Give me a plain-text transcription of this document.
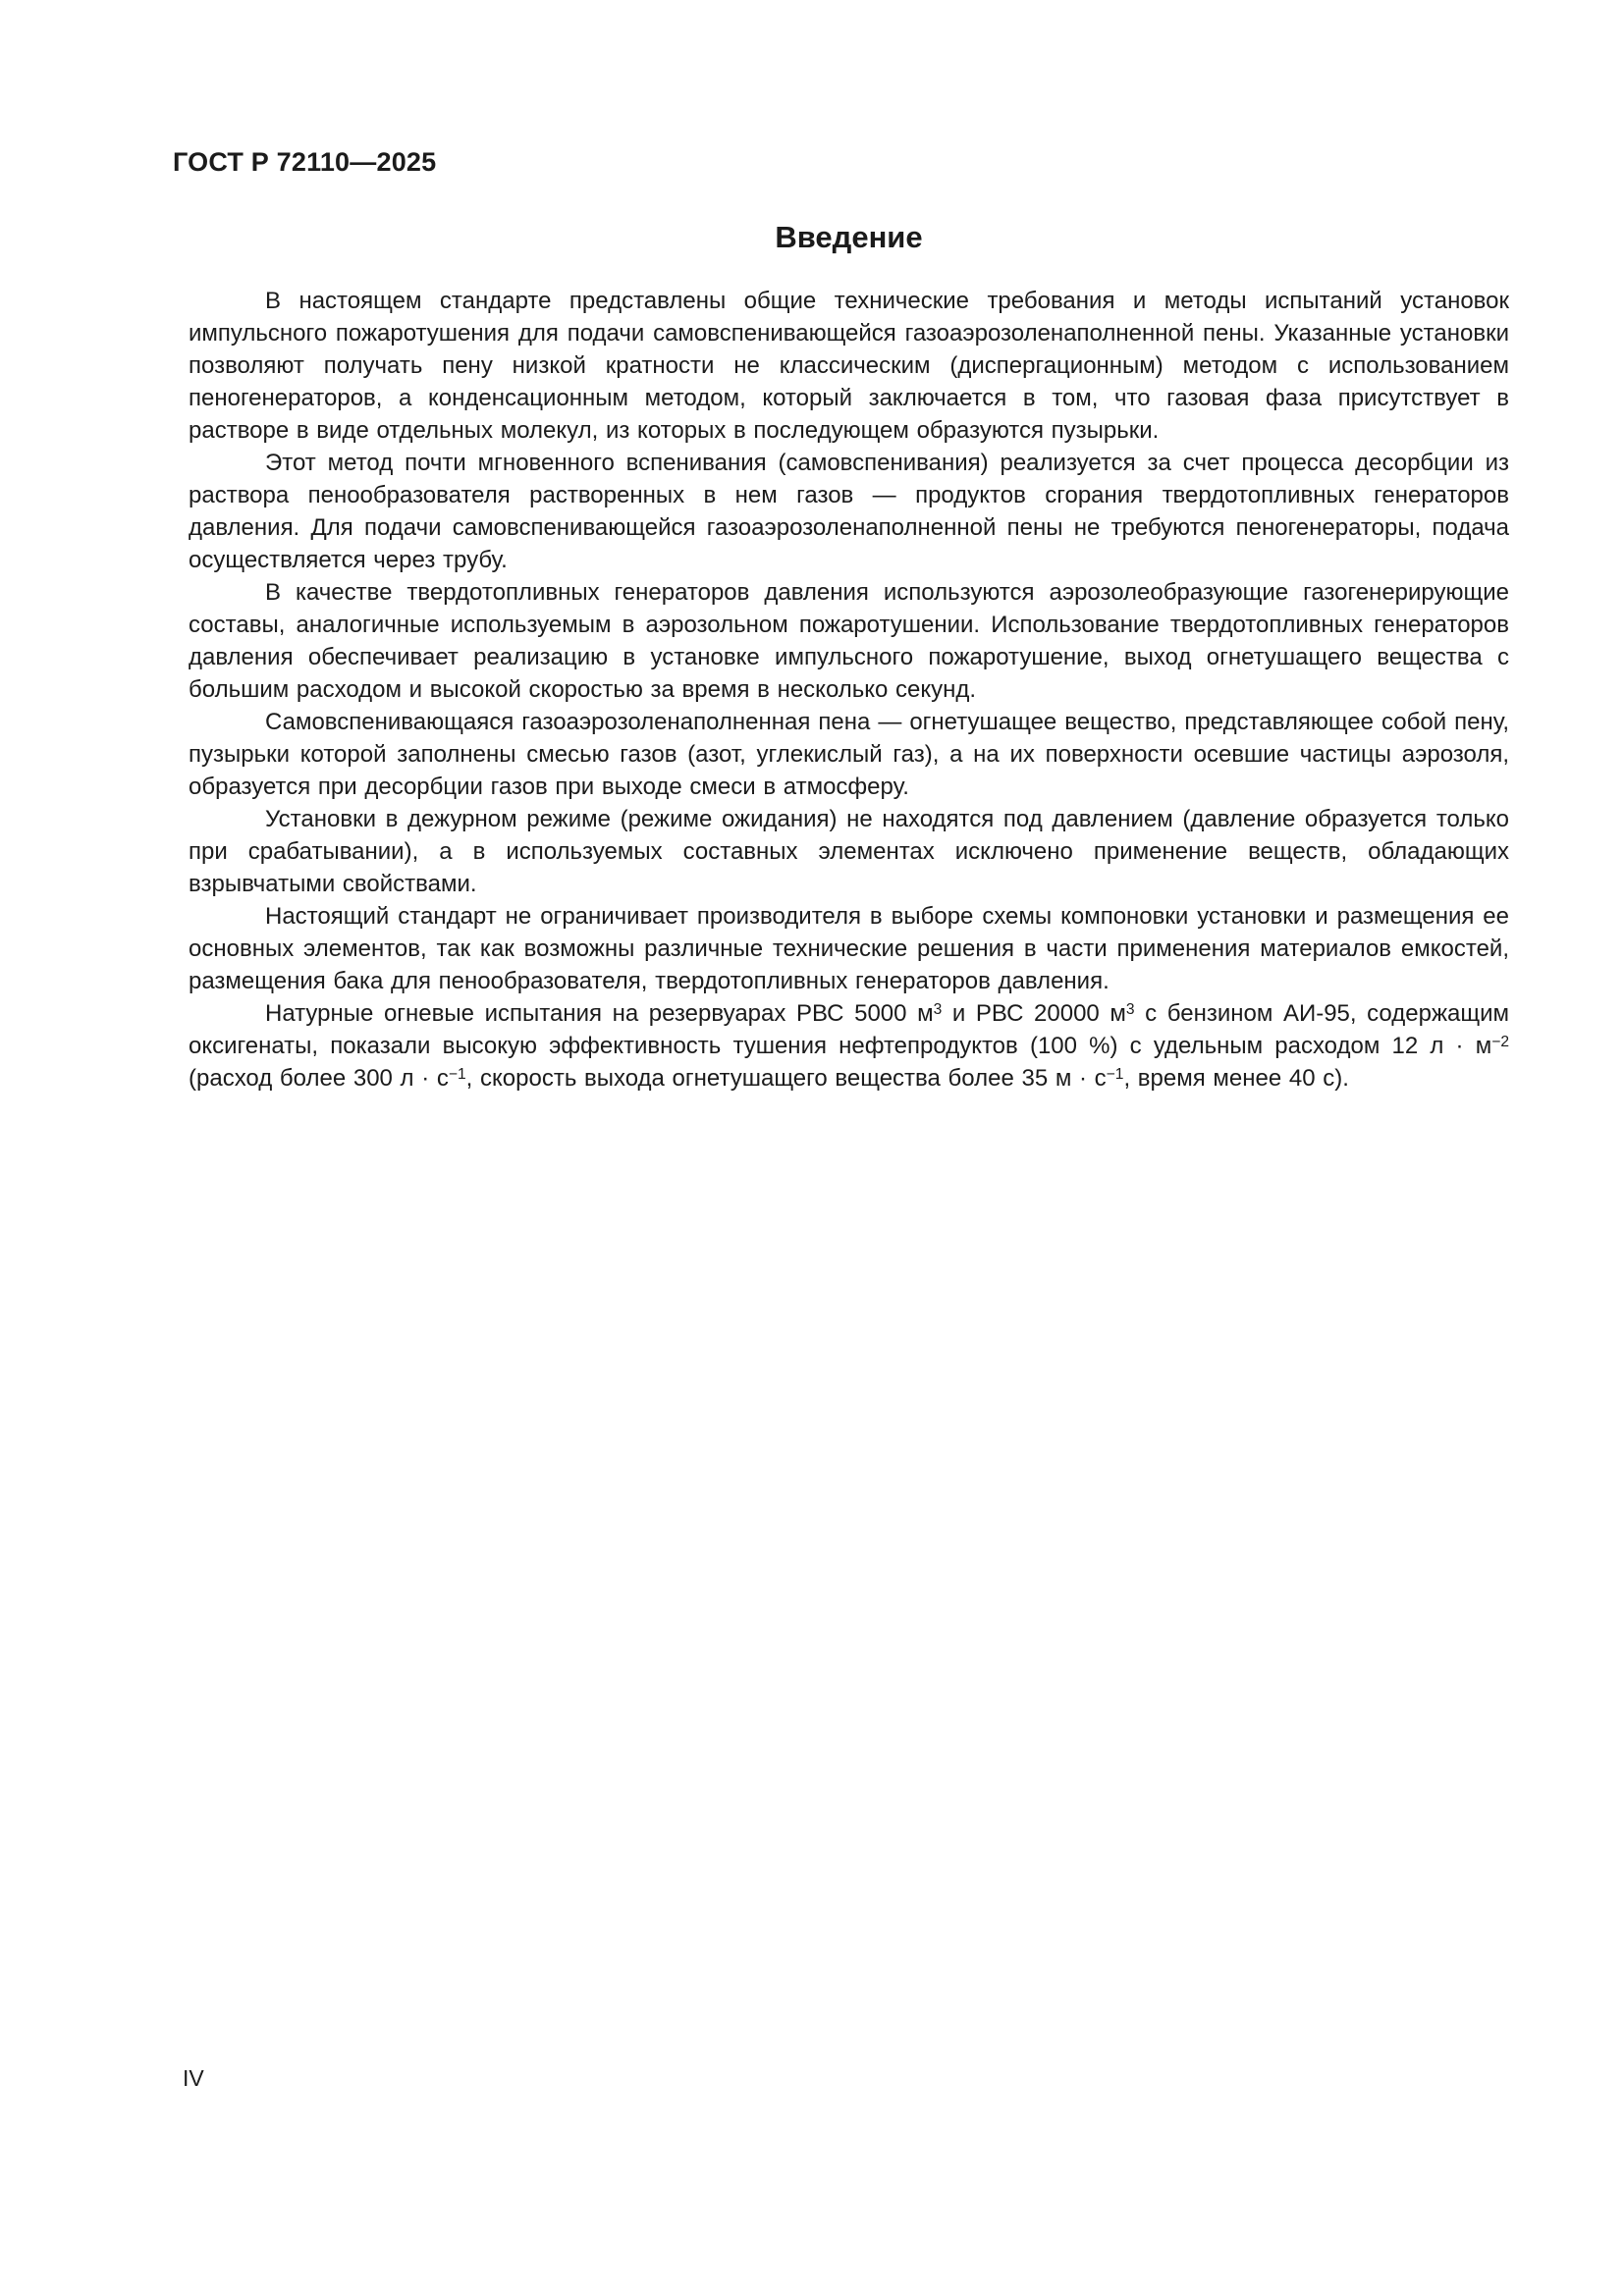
ГОСТ Р 72110—2025
Введение

В настоящем стандарте представлены общие технические требования и методы испытаний установок импульсного пожаротушения для подачи самовспенивающейся газоаэрозоленаполненной пены. Указанные установки позволяют получать пену низкой кратности не классическим (диспергационным) методом с использованием пеногенераторов, а конденсационным методом, который заключается в том, что газовая фаза присутствует в растворе в виде отдельных молекул, из которых в последующем образуются пузырьки.

Этот метод почти мгновенного вспенивания (самовспенивания) реализуется за счет процесса десорбции из раствора пенообразователя растворенных в нем газов — продуктов сгорания твердотопливных генераторов давления. Для подачи самовспенивающейся газоаэрозоленаполненной пены не требуются пеногенераторы, подача осуществляется через трубу.

В качестве твердотопливных генераторов давления используются аэрозолеобразующие газогенерирующие составы, аналогичные используемым в аэрозольном пожаротушении. Использование твердотопливных генераторов давления обеспечивает реализацию в установке импульсного пожаротушение, выход огнетушащего вещества с большим расходом и высокой скоростью за время в несколько секунд.

Самовспенивающаяся газоаэрозоленаполненная пена — огнетушащее вещество, представляющее собой пену, пузырьки которой заполнены смесью газов (азот, углекислый газ), а на их поверхности осевшие частицы аэрозоля, образуется при десорбции газов при выходе смеси в атмосферу.

Установки в дежурном режиме (режиме ожидания) не находятся под давлением (давление образуется только при срабатывании), а в используемых составных элементах исключено применение веществ, обладающих взрывчатыми свойствами.

Настоящий стандарт не ограничивает производителя в выборе схемы компоновки установки и размещения ее основных элементов, так как возможны различные технические решения в части применения материалов емкостей, размещения бака для пенообразователя, твердотопливных генераторов давления.

Натурные огневые испытания на резервуарах РВС 5000 $м^3$ и РВС 20000 $м^3$ с бензином АИ-95, содержащим оксигенаты, показали высокую эффективность тушения нефтепродуктов (100 %) с удельным расходом 12 $л \cdot м^{-2}$ (расход более 300 $л \cdot с^{-1}$, скорость выхода огнетушащего вещества более 35 $м \cdot с^{-1}$, время менее 40 с).

IV
